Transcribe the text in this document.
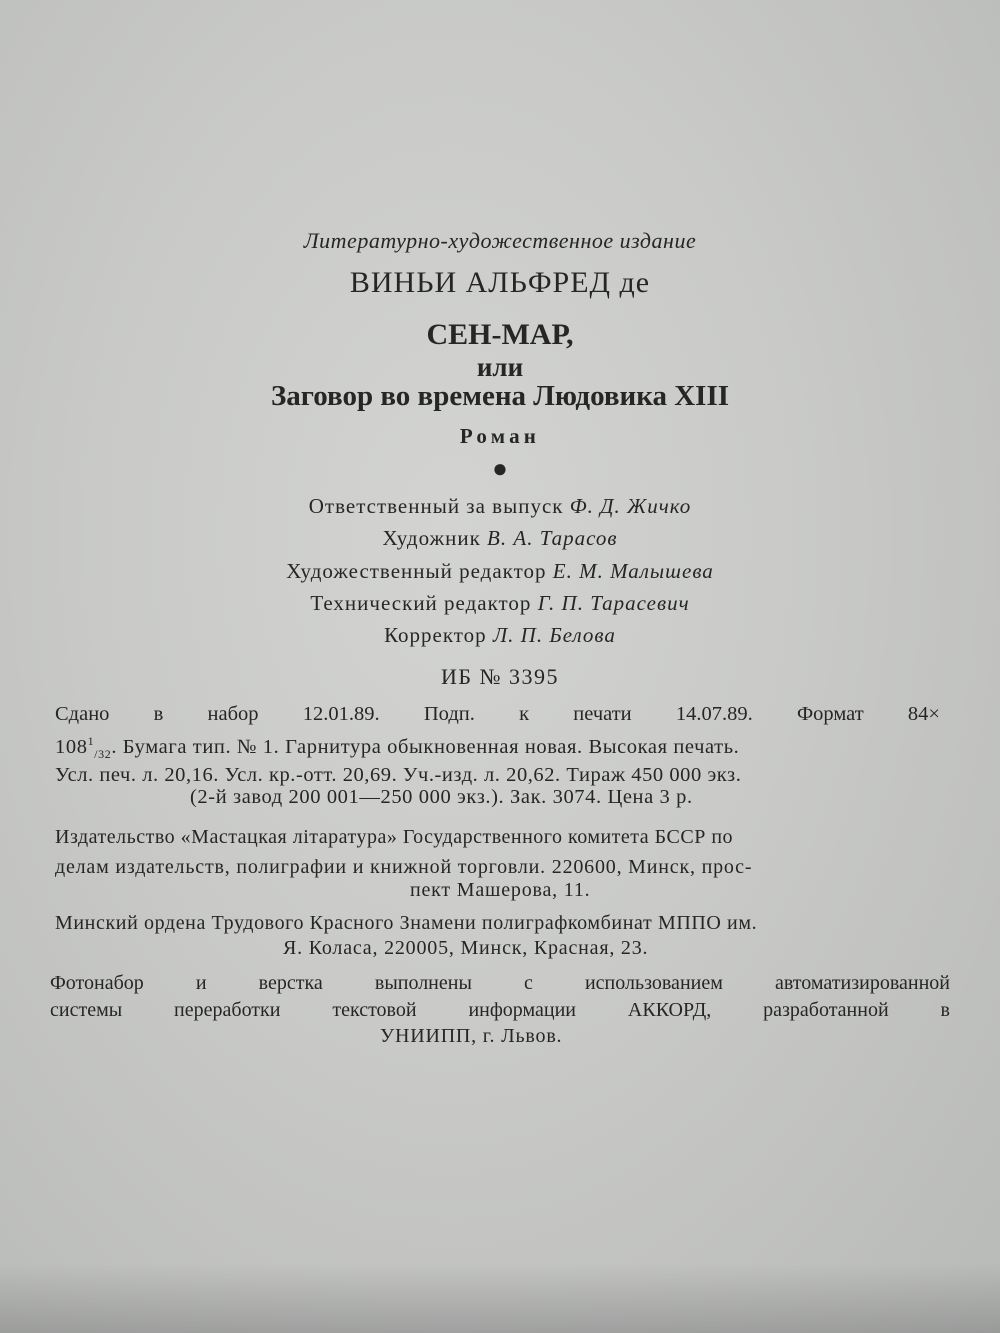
Литературно-художественное издание
ВИНЬИ АЛЬФРЕД де
СЕН-МАР,
или
Заговор во времена Людовика XIII
Роман
●
Ответственный за выпуск Ф. Д. Жичко
Художник В. А. Тарасов
Художественный редактор Е. М. Малышева
Технический редактор Г. П. Тарасевич
Корректор Л. П. Белова
ИБ № 3395
Сдано в набор 12.01.89. Подп. к печати 14.07.89. Формат 84×
$108^1_{/32}$. Бумага тип. № 1. Гарнитура обыкновенная новая. Высокая печать.
Усл. печ. л. 20,16. Усл. кр.-отт. 20,69. Уч.-изд. л. 20,62. Тираж 450 000 экз.
(2-й завод 200 001—250 000 экз.). Зак. 3074. Цена 3 р.
Издательство «Мастацкая літаратура» Государственного комитета БССР по
делам издательств, полиграфии и книжной торговли. 220600, Минск, прос-
пект Машерова, 11.
Минский ордена Трудового Красного Знамени полиграфкомбинат МППО им.
Я. Коласа, 220005, Минск, Красная, 23.
Фотонабор и верстка выполнены с использованием автоматизированной
системы переработки текстовой информации АККОРД, разработанной в
УНИИПП, г. Львов.
